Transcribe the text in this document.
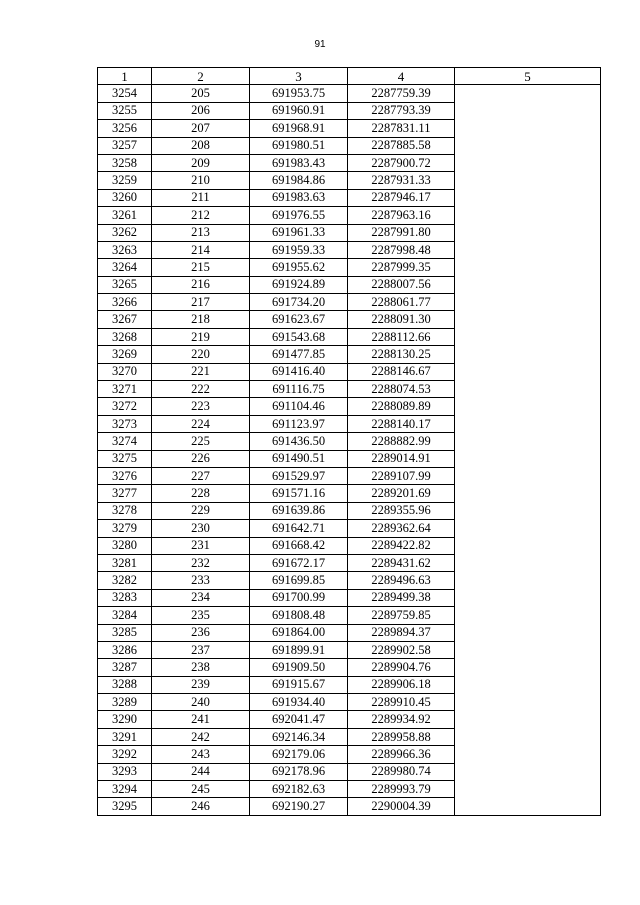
91
1	2	3	4	5
3254	205	691953.75	2287759.39	
3255	206	691960.91	2287793.39	
3256	207	691968.91	2287831.11	
3257	208	691980.51	2287885.58	
3258	209	691983.43	2287900.72	
3259	210	691984.86	2287931.33	
3260	211	691983.63	2287946.17	
3261	212	691976.55	2287963.16	
3262	213	691961.33	2287991.80	
3263	214	691959.33	2287998.48	
3264	215	691955.62	2287999.35	
3265	216	691924.89	2288007.56	
3266	217	691734.20	2288061.77	
3267	218	691623.67	2288091.30	
3268	219	691543.68	2288112.66	
3269	220	691477.85	2288130.25	
3270	221	691416.40	2288146.67	
3271	222	691116.75	2288074.53	
3272	223	691104.46	2288089.89	
3273	224	691123.97	2288140.17	
3274	225	691436.50	2288882.99	
3275	226	691490.51	2289014.91	
3276	227	691529.97	2289107.99	
3277	228	691571.16	2289201.69	
3278	229	691639.86	2289355.96	
3279	230	691642.71	2289362.64	
3280	231	691668.42	2289422.82	
3281	232	691672.17	2289431.62	
3282	233	691699.85	2289496.63	
3283	234	691700.99	2289499.38	
3284	235	691808.48	2289759.85	
3285	236	691864.00	2289894.37	
3286	237	691899.91	2289902.58	
3287	238	691909.50	2289904.76	
3288	239	691915.67	2289906.18	
3289	240	691934.40	2289910.45	
3290	241	692041.47	2289934.92	
3291	242	692146.34	2289958.88	
3292	243	692179.06	2289966.36	
3293	244	692178.96	2289980.74	
3294	245	692182.63	2289993.79	
3295	246	692190.27	2290004.39	
